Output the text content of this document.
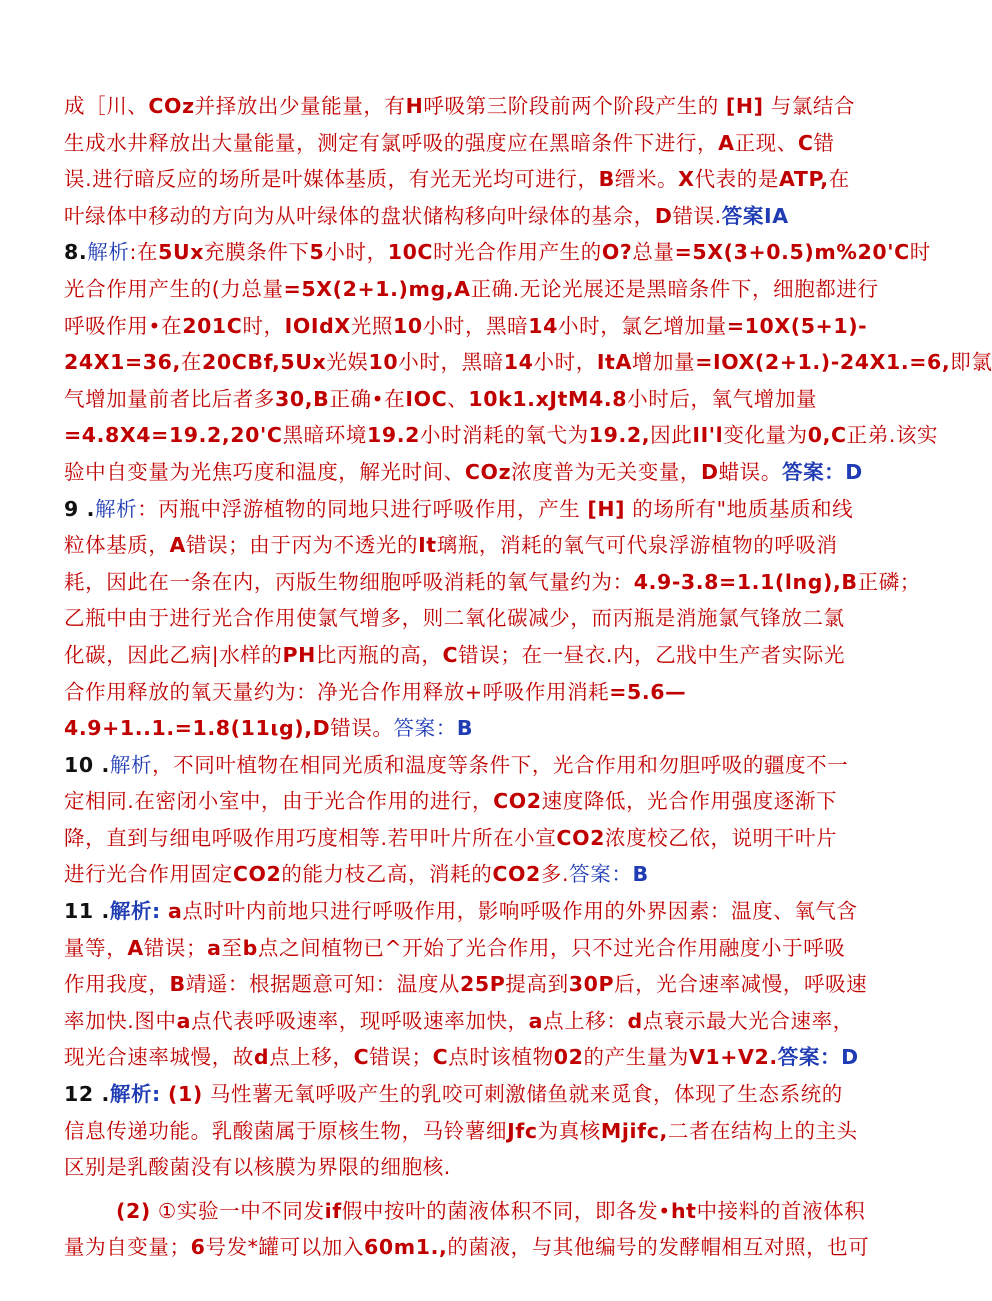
成［川、COz并择放出少量能量，有H呼吸第三阶段前两个阶段产生的 [H] 与氯结合
生成水井释放出大量能量，测定有氯呼吸的强度应在黑暗条件下进行，A正现、C错
误.进行暗反应的场所是叶媒体基质，有光无光均可进行，B缙米。X代表的是ATP,在
叶绿体中移动的方向为从叶绿体的盘状储构移向叶绿体的基佘，D错误.答案IA
8.解析:在5Ux充膜条件下5小时，10C时光合作用产生的O?总量=5X(3+0.5)m%20'C时
光合作用产生的(力总量=5X(2+1.)mg,A正确.无论光展还是黑暗条件下，细胞都进行
呼吸作用•在201C时，IOIdX光照10小时，黑暗14小时，氯乞增加量=10X(5+1)-
24X1=36,在20CBf,5Ux光娱10小时，黑暗14小时，ItA增加量=IOX(2+1.)-24X1.=6,即氯
气增加量前者比后者多30,B正确•在IOC、10k1.xJtM4.8小时后，氧气增加量
=4.8X4=19.2,20'C黑暗环境19.2小时消耗的氧弋为19.2,因此II'l变化量为0,C正弟.该实
验中自变量为光焦巧度和温度，解光时间、COz浓度普为无关变量，D蜡误。答案：D
9 .解析：丙瓶中浮游植物的同地只进行呼吸作用，产生 [H] 的场所有"地质基质和线
粒体基质，A错误；由于丙为不透光的It璃瓶，消耗的氧气可代泉浮游植物的呼吸消
耗，因此在一条在内，丙版生物细胞呼吸消耗的氧气量约为：4.9-3.8=1.1(lng),B正磷；
乙瓶中由于进行光合作用使氯气增多，则二氧化碳减少，而丙瓶是消施氯气锋放二氯
化碳，因此乙病|水样的PH比丙瓶的高，C错误；在一昼衣.内，乙戕中生产者实际光
合作用释放的氧天量约为：净光合作用释放+呼吸作用消耗=5.6—
4.9+1..1.=1.8(11ιg),D错误。答案：B
10 .解析，不同叶植物在相同光质和温度等条件下，光合作用和勿胆呼吸的疆度不一
定相同.在密闭小室中，由于光合作用的进行，CO2速度降低，光合作用强度逐渐下
降，直到与细电呼吸作用巧度相等.若甲叶片所在小宣CO2浓度校乙依，说明干叶片
进行光合作用固定CO2的能力枝乙高，消耗的CO2多.答案：B
11 .解析: a点时叶内前地只进行呼吸作用，影响呼吸作用的外界因素：温度、氧气含
量等，A错误；a至b点之间植物已^开始了光合作用，只不过光合作用融度小于呼吸
作用我度，B靖遥：根据题意可知：温度从25P提高到30P后，光合速率减慢，呼吸速
率加快.图中a点代表呼吸速率，现呼吸速率加快，a点上移：d点衰示最大光合速率，
现光合速率城慢，故d点上移，C错误；C点时该植物02的产生量为V1+V2.答案：D
12 .解析: (1) 马性薯无氧呼吸产生的乳咬可刺激储鱼就来觅食，体现了生态系统的
信息传递功能。乳酸菌属于原核生物，马铃薯细Jfc为真核Mjifc,二者在结构上的主头
区别是乳酸菌没有以核膜为界限的细胞核.
(2) ①实验一中不同发if假中按叶的菌液体积不同，即各发•ht中接料的首液体积
量为自变量；6号发*罐可以加入60m1.,的菌液，与其他编号的发酵帽相互对照，也可
